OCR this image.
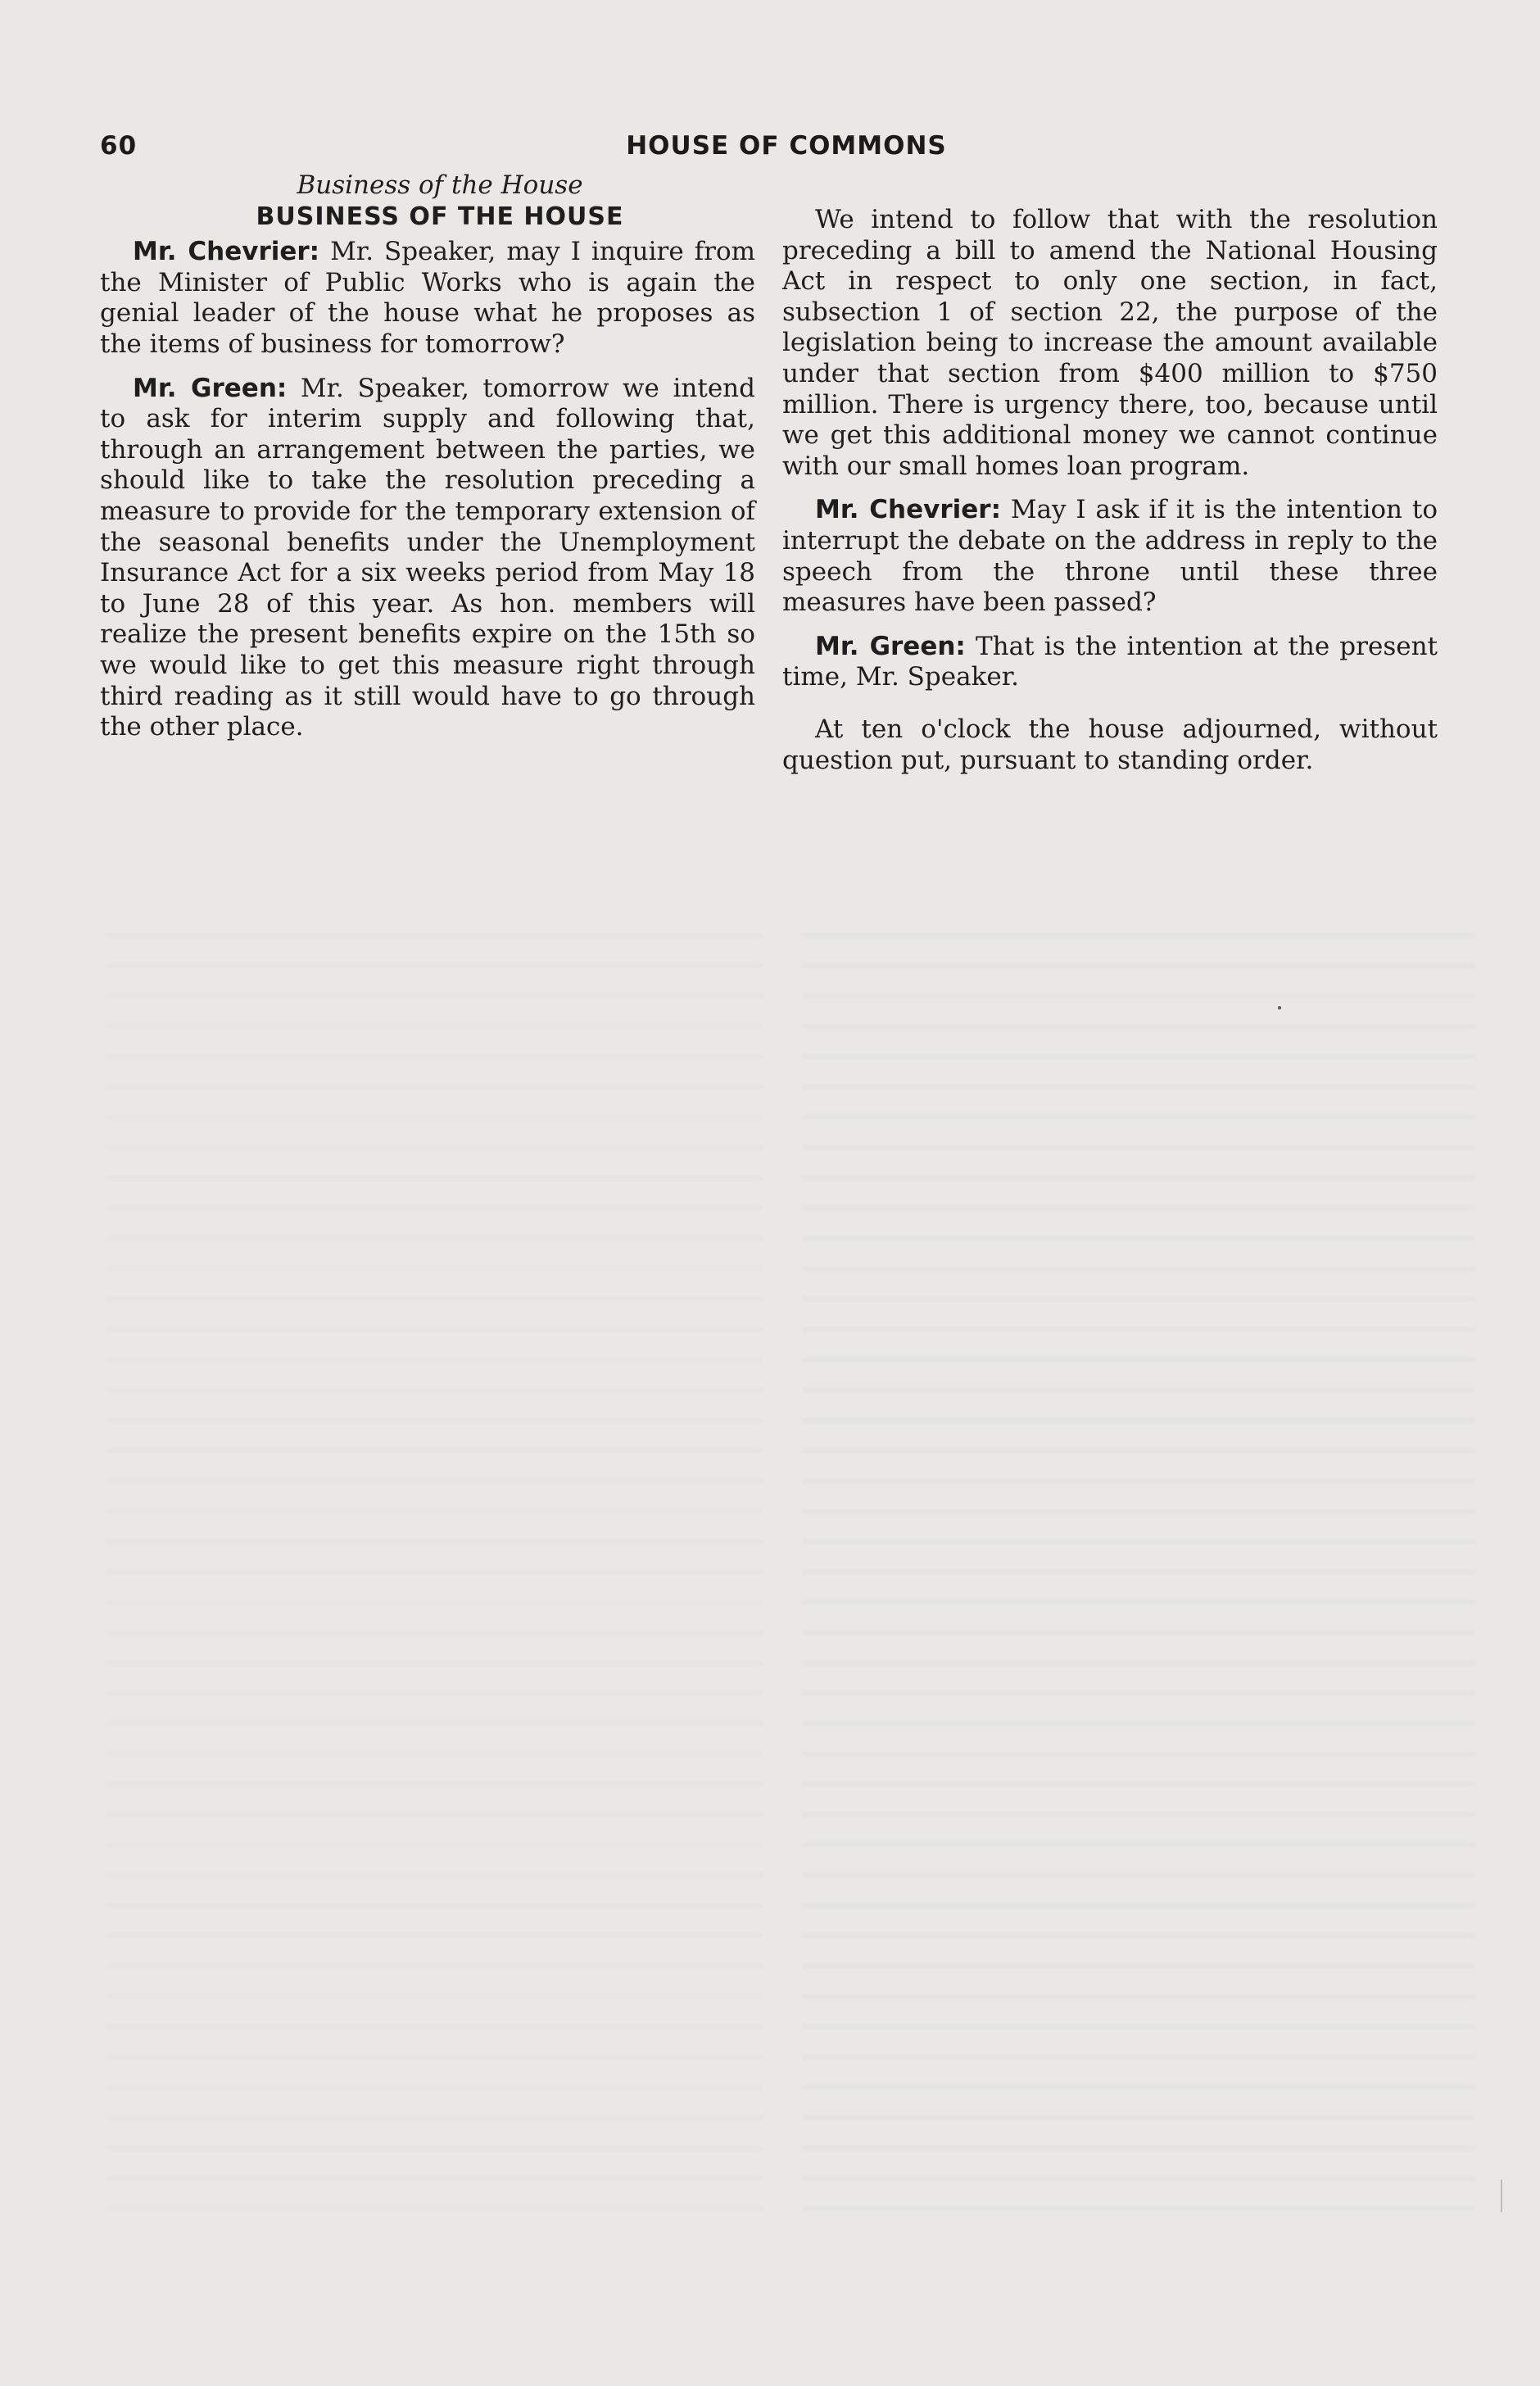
60	HOUSE OF COMMONS
Business of the House
BUSINESS OF THE HOUSE

Mr. Chevrier: Mr. Speaker, may I inquire from the Minister of Public Works who is again the genial leader of the house what he proposes as the items of business for tomorrow?

Mr. Green: Mr. Speaker, tomorrow we intend to ask for interim supply and following that, through an arrangement between the parties, we should like to take the resolution preceding a measure to provide for the temporary extension of the seasonal benefits under the Unemployment Insurance Act for a six weeks period from May 18 to June 28 of this year. As hon. members will realize the present benefits expire on the 15th so we would like to get this measure right through third reading as it still would have to go through the other place.

We intend to follow that with the resolution preceding a bill to amend the National Housing Act in respect to only one section, in fact, subsection 1 of section 22, the purpose of the legislation being to increase the amount available under that section from $400 million to $750 million. There is urgency there, too, because until we get this additional money we cannot continue with our small homes loan program.

Mr. Chevrier: May I ask if it is the intention to interrupt the debate on the address in reply to the speech from the throne until these three measures have been passed?

Mr. Green: That is the intention at the present time, Mr. Speaker.

At ten o'clock the house adjourned, without question put, pursuant to standing order.
